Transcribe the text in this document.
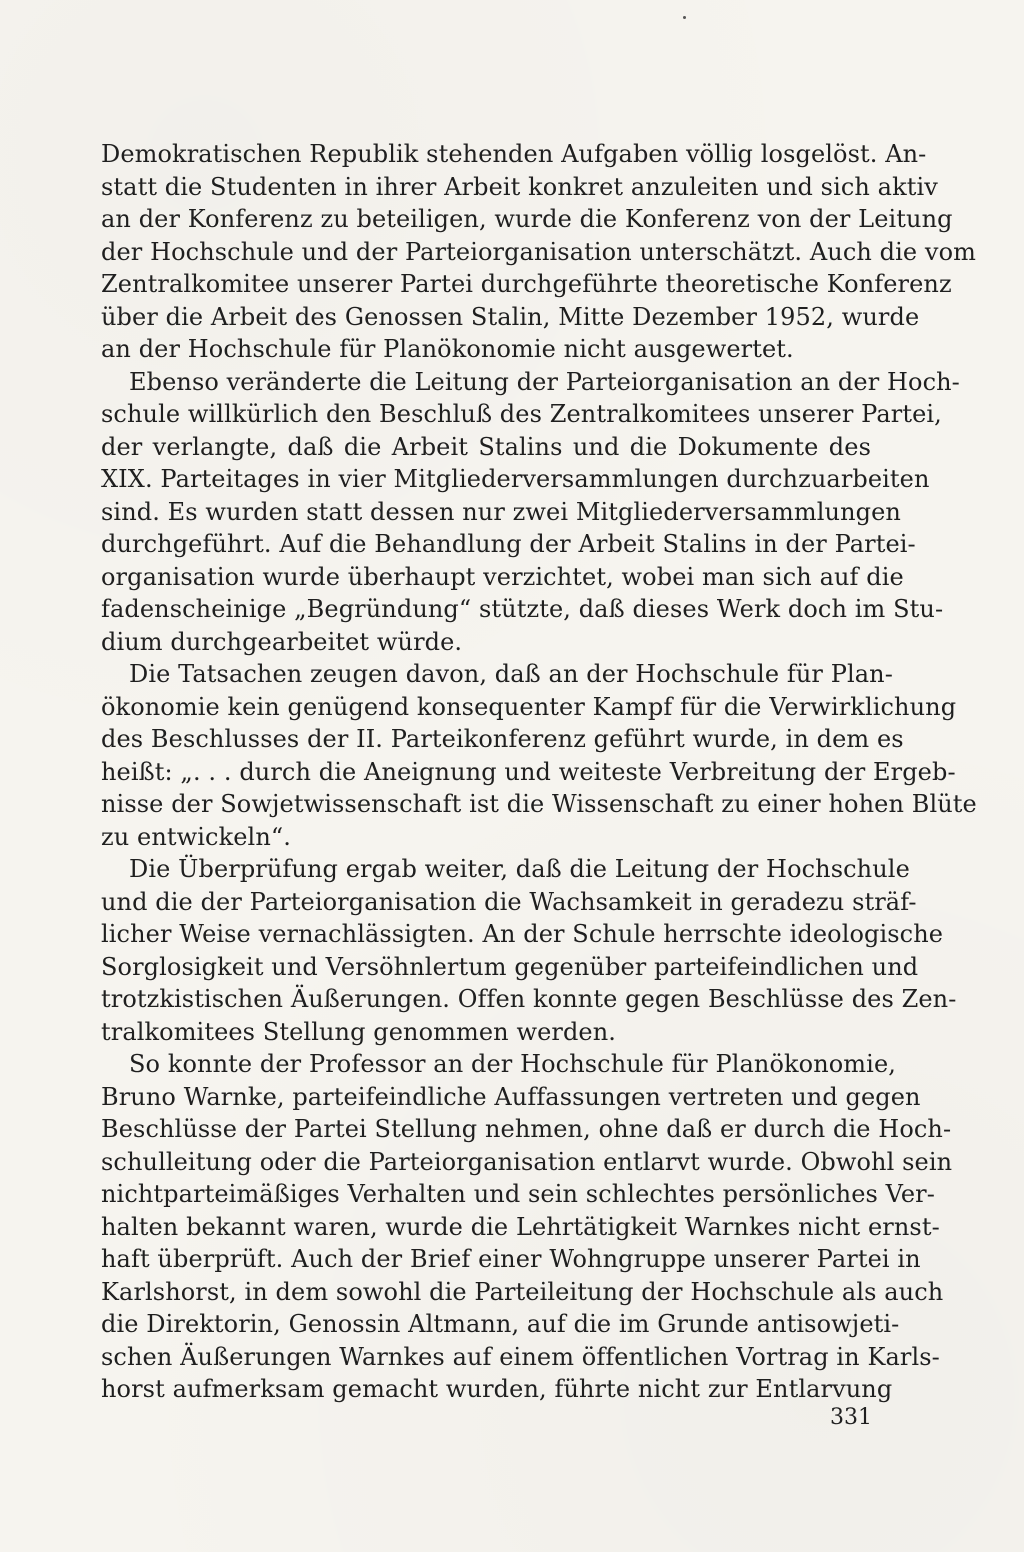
Demokratischen Republik stehenden Aufgaben völlig losgelöst. An-
statt die Studenten in ihrer Arbeit konkret anzuleiten und sich aktiv
an der Konferenz zu beteiligen, wurde die Konferenz von der Leitung
der Hochschule und der Parteiorganisation unterschätzt. Auch die vom
Zentralkomitee unserer Partei durchgeführte theoretische Konferenz
über die Arbeit des Genossen Stalin, Mitte Dezember 1952, wurde
an der Hochschule für Planökonomie nicht ausgewertet.
Ebenso veränderte die Leitung der Parteiorganisation an der Hoch-
schule willkürlich den Beschluß des Zentralkomitees unserer Partei,
der verlangte, daß die Arbeit Stalins und die Dokumente des
XIX. Parteitages in vier Mitgliederversammlungen durchzuarbeiten
sind. Es wurden statt dessen nur zwei Mitgliederversammlungen
durchgeführt. Auf die Behandlung der Arbeit Stalins in der Partei-
organisation wurde überhaupt verzichtet, wobei man sich auf die
fadenscheinige „Begründung“ stützte, daß dieses Werk doch im Stu-
dium durchgearbeitet würde.
Die Tatsachen zeugen davon, daß an der Hochschule für Plan-
ökonomie kein genügend konsequenter Kampf für die Verwirklichung
des Beschlusses der II. Parteikonferenz geführt wurde, in dem es
heißt: „. . . durch die Aneignung und weiteste Verbreitung der Ergeb-
nisse der Sowjetwissenschaft ist die Wissenschaft zu einer hohen Blüte
zu entwickeln“.
Die Überprüfung ergab weiter, daß die Leitung der Hochschule
und die der Parteiorganisation die Wachsamkeit in geradezu sträf-
licher Weise vernachlässigten. An der Schule herrschte ideologische
Sorglosigkeit und Versöhnlertum gegenüber parteifeindlichen und
trotzkistischen Äußerungen. Offen konnte gegen Beschlüsse des Zen-
tralkomitees Stellung genommen werden.
So konnte der Professor an der Hochschule für Planökonomie,
Bruno Warnke, parteifeindliche Auffassungen vertreten und gegen
Beschlüsse der Partei Stellung nehmen, ohne daß er durch die Hoch-
schulleitung oder die Parteiorganisation entlarvt wurde. Obwohl sein
nichtparteimäßiges Verhalten und sein schlechtes persönliches Ver-
halten bekannt waren, wurde die Lehrtätigkeit Warnkes nicht ernst-
haft überprüft. Auch der Brief einer Wohngruppe unserer Partei in
Karlshorst, in dem sowohl die Parteileitung der Hochschule als auch
die Direktorin, Genossin Altmann, auf die im Grunde antisowjeti-
schen Äußerungen Warnkes auf einem öffentlichen Vortrag in Karls-
horst aufmerksam gemacht wurden, führte nicht zur Entlarvung
331
